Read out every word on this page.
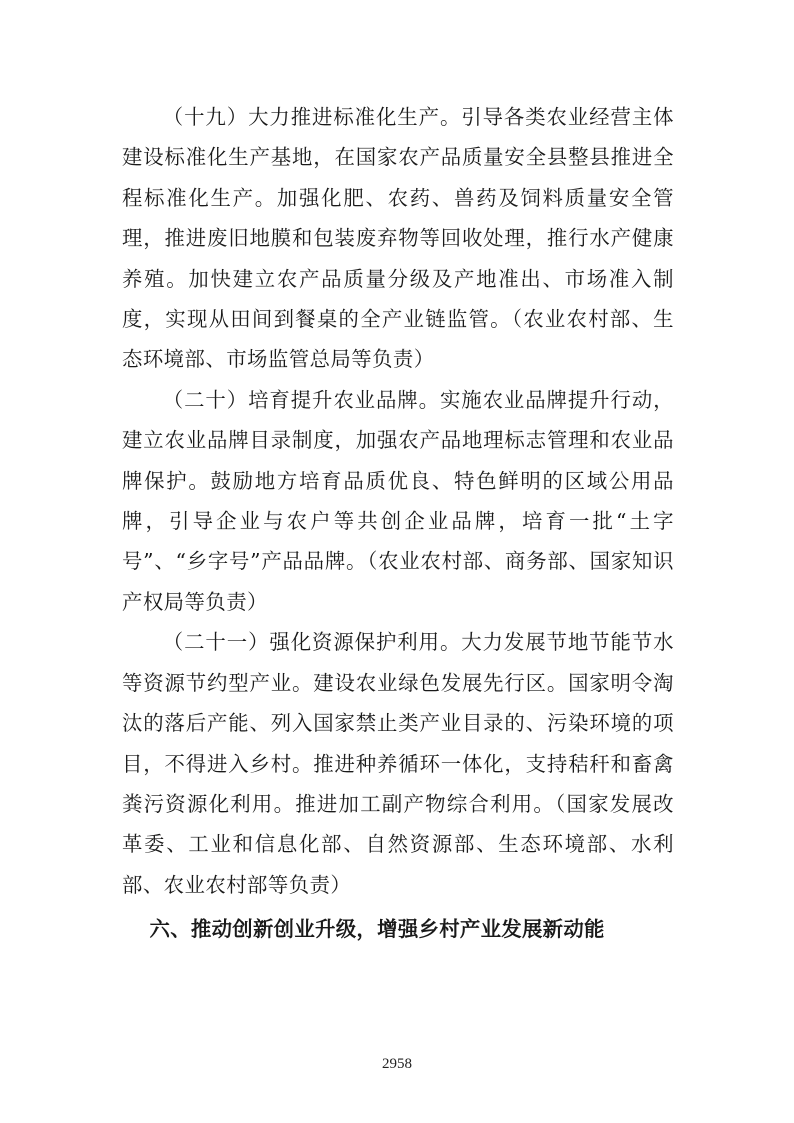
（十九）大力推进标准化生产。引导各类农业经营主体建设标准化生产基地，在国家农产品质量安全县整县推进全程标准化生产。加强化肥、农药、兽药及饲料质量安全管理，推进废旧地膜和包装废弃物等回收处理，推行水产健康养殖。加快建立农产品质量分级及产地准出、市场准入制度，实现从田间到餐桌的全产业链监管。（农业农村部、生态环境部、市场监管总局等负责）

（二十）培育提升农业品牌。实施农业品牌提升行动，建立农业品牌目录制度，加强农产品地理标志管理和农业品牌保护。鼓励地方培育品质优良、特色鲜明的区域公用品牌，引导企业与农户等共创企业品牌，培育一批“土字号”、“乡字号”产品品牌。（农业农村部、商务部、国家知识产权局等负责）

（二十一）强化资源保护利用。大力发展节地节能节水等资源节约型产业。建设农业绿色发展先行区。国家明令淘汰的落后产能、列入国家禁止类产业目录的、污染环境的项目，不得进入乡村。推进种养循环一体化，支持秸秆和畜禽粪污资源化利用。推进加工副产物综合利用。（国家发展改革委、工业和信息化部、自然资源部、生态环境部、水利部、农业农村部等负责）

六、推动创新创业升级，增强乡村产业发展新动能

2958
